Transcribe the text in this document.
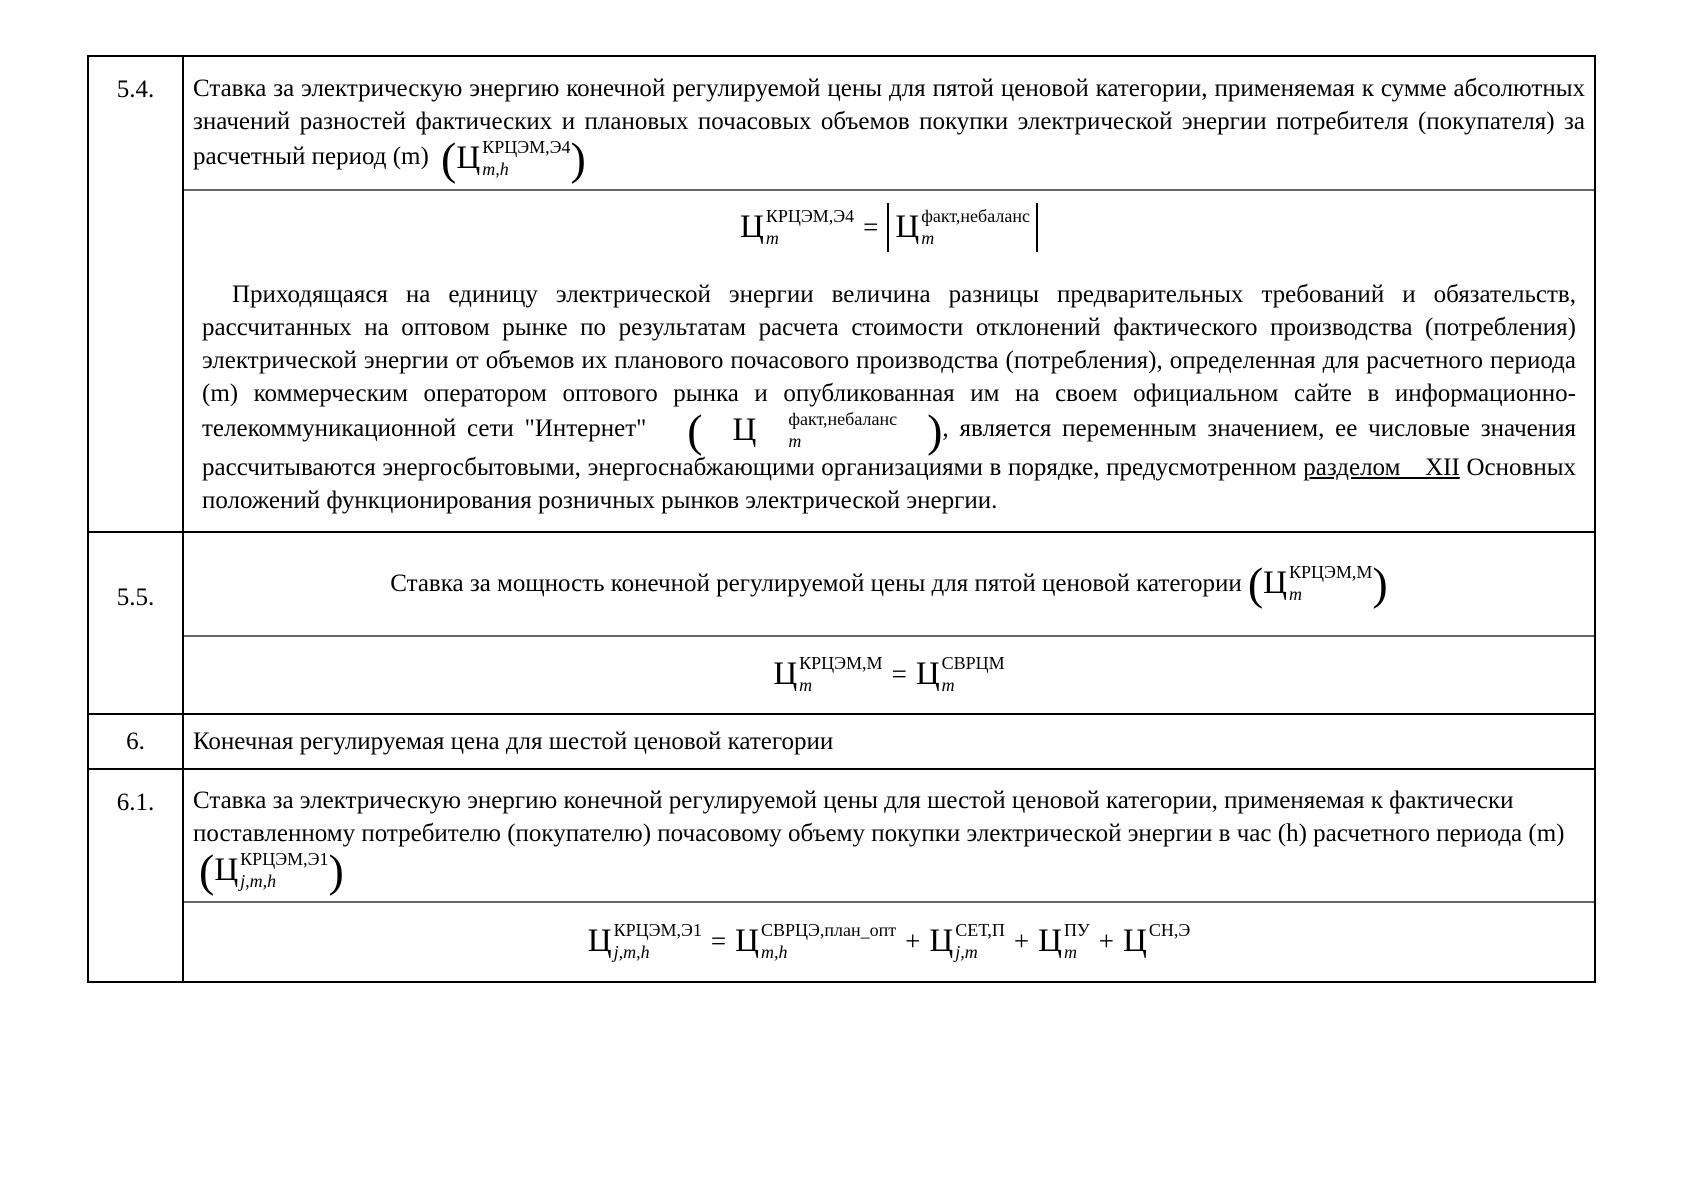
5.4.	Ставка за электрическую энергию конечной регулируемой цены для пятой ценовой категории, применяемая к сумме абсолютных значений разностей фактических и плановых почасовых объемов покупки электрической энергии потребителя (покупателя) за расчетный период (m) ( Ц КРЦЭМ,Э4
m,h )
Ц КРЦЭМ,Э4
m	= Ц факт,небаланс
m

Приходящаяся на единицу электрической энергии величина разницы предварительных требований и обязательств, рассчитанных на оптовом рынке по результатам расчета стоимости отклонений фактического производства (потребления) электрической энергии от объемов их планового почасового производства (потребления), определенная для расчетного периода (m) коммерческим оператором оптового рынка и опубликованная им на своем официальном сайте в информационно-телекоммуникационной сети "Интернет" ( Ц	факт,небаланс
m	), является переменным значением, ее числовые значения рассчитываются энергосбытовыми, энергоснабжающими организациями в порядке, предусмотренном разделом XII Основных положений функционирования розничных рынков электрической энергии.

5.5.	Ставка за мощность конечной регулируемой цены для пятой ценовой категории ( Ц КРЦЭМ,М
m )
Ц КРЦЭМ,М
m	= Ц СВРЦМ
m
6.	Конечная регулируемая цена для шестой ценовой категории
6.1.	Ставка за электрическую энергию конечной регулируемой цены для шестой ценовой категории, применяемая к фактически поставленному потребителю (покупателю) почасовому объему покупки электрической энергии в час (h) расчетного периода (m) ( Ц КРЦЭМ,Э1
j,m,h )
Ц КРЦЭМ,Э1
j,m,h = Ц СВРЦЭ,план_опт
m,h	+ Ц СЕТ,П
j,m + Ц ПУ
m + Ц СН,Э
